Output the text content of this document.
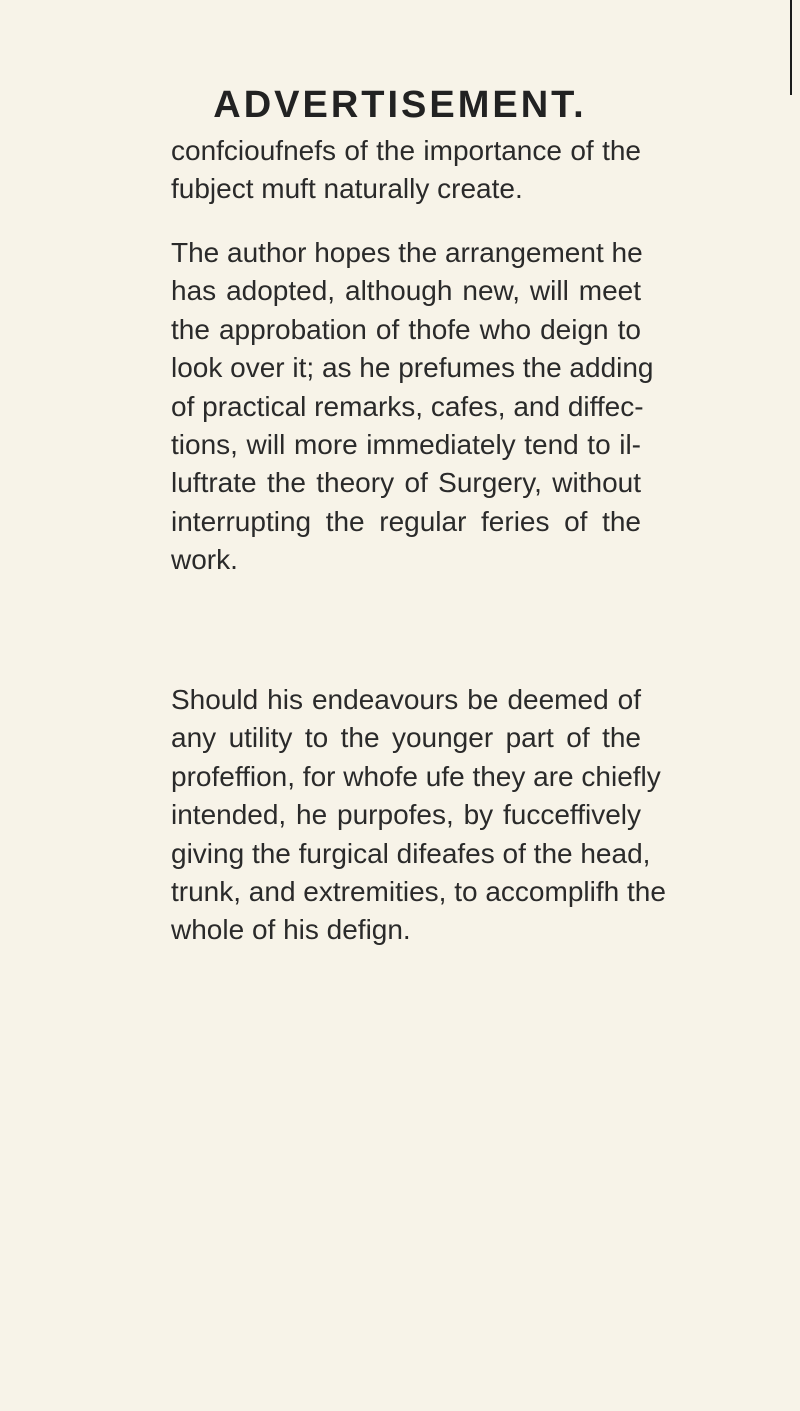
ADVERTISEMENT.
confcioufnefs of the importance of the
fubject muft naturally create.
The author hopes the arrangement he
has adopted, although new, will meet
the approbation of thofe who deign to
look over it; as he prefumes the adding
of practical remarks, cafes, and diffec-
tions, will more immediately tend to il-
luftrate the theory of Surgery, without
interrupting the regular feries of the
work.
Should his endeavours be deemed of
any utility to the younger part of the
profeffion, for whofe ufe they are chiefly
intended, he purpofes, by fucceffively
giving the furgical difeafes of the head,
trunk, and extremities, to accomplifh the
whole of his defign.
